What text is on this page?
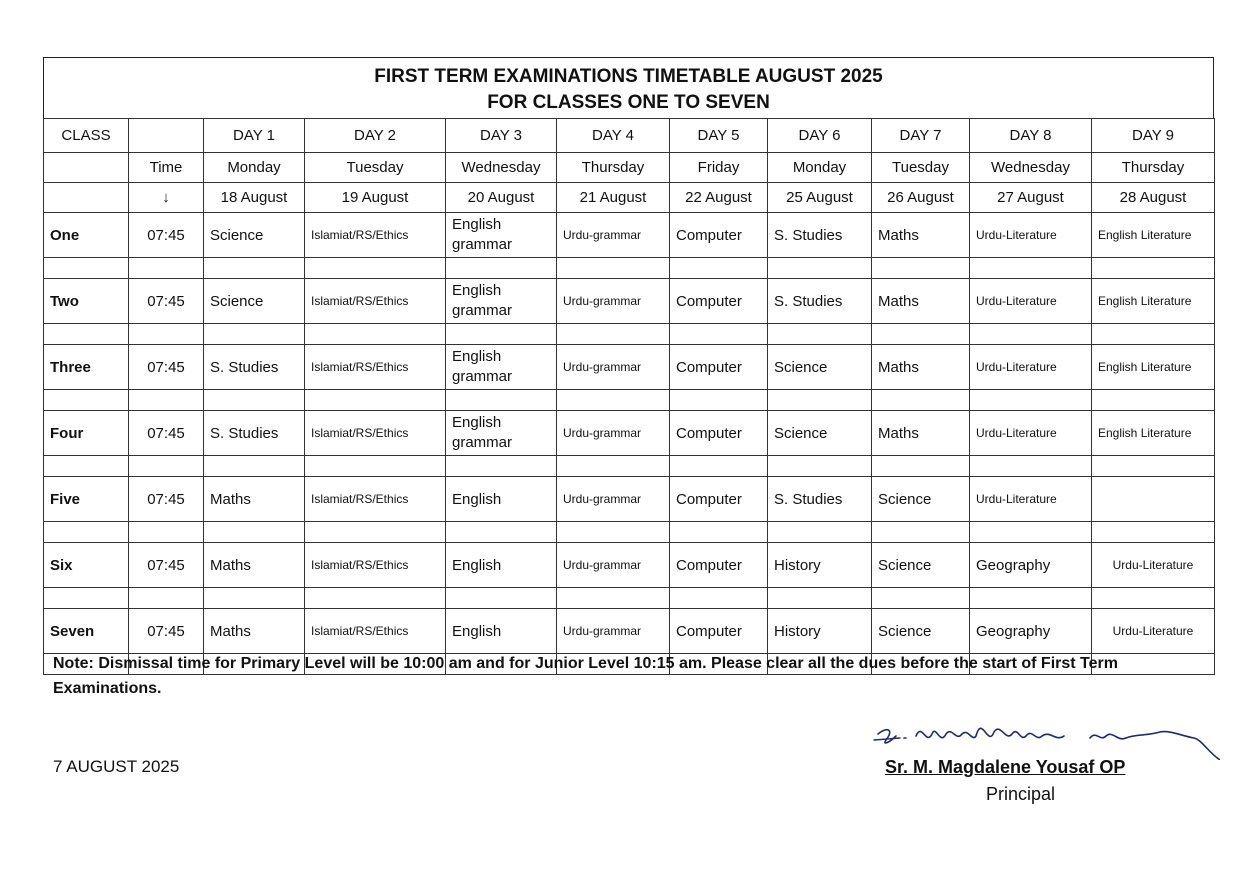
FIRST TERM EXAMINATIONS TIMETABLE AUGUST 2025
FOR CLASSES ONE TO SEVEN
CLASS		DAY 1	DAY 2	DAY 3	DAY 4	DAY 5	DAY 6	DAY 7	DAY 8	DAY 9
	Time	Monday	Tuesday	Wednesday	Thursday	Friday	Monday	Tuesday	Wednesday	Thursday
	↓	18 August	19 August	20 August	21 August	22 August	25 August	26 August	27 August	28 August
One	07:45	Science	Islamiat/RS/Ethics	English grammar	Urdu-grammar	Computer	S. Studies	Maths	Urdu-Literature	English Literature

Two	07:45	Science	Islamiat/RS/Ethics	English grammar	Urdu-grammar	Computer	S. Studies	Maths	Urdu-Literature	English Literature

Three	07:45	S. Studies	Islamiat/RS/Ethics	English grammar	Urdu-grammar	Computer	Science	Maths	Urdu-Literature	English Literature

Four	07:45	S. Studies	Islamiat/RS/Ethics	English grammar	Urdu-grammar	Computer	Science	Maths	Urdu-Literature	English Literature

Five	07:45	Maths	Islamiat/RS/Ethics	English	Urdu-grammar	Computer	S. Studies	Science	Urdu-Literature	

Six	07:45	Maths	Islamiat/RS/Ethics	English	Urdu-grammar	Computer	History	Science	Geography	Urdu-Literature

Seven	07:45	Maths	Islamiat/RS/Ethics	English	Urdu-grammar	Computer	History	Science	Geography	Urdu-Literature

Note: Dismissal time for Primary Level will be 10:00 am and for Junior Level 10:15 am. Please clear all the dues before the start of First Term Examinations.
7 AUGUST 2025	Sr. M. Magdalene Yousaf OP
Principal
